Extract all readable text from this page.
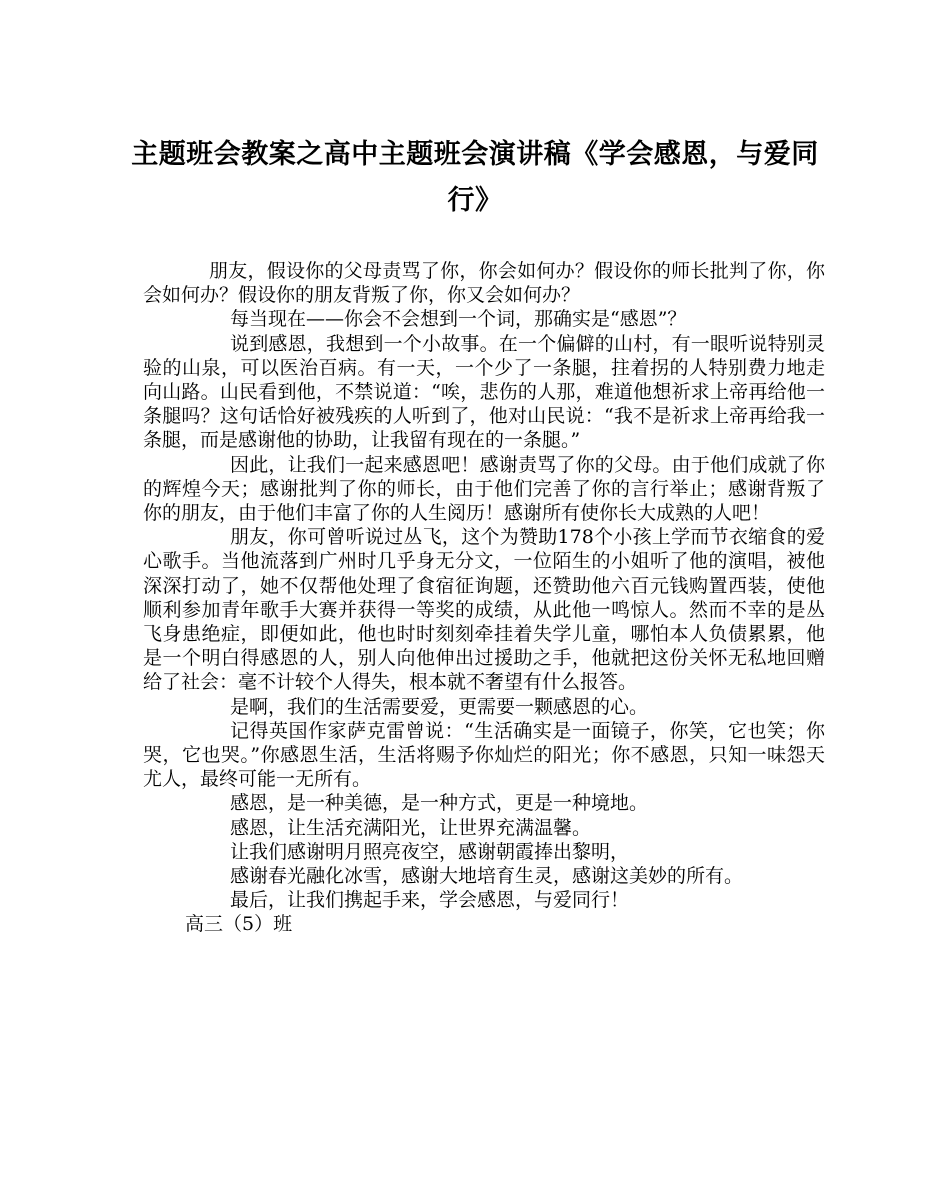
主题班会教案之高中主题班会演讲稿《学会感恩，与爱同行》

朋友，假设你的父母责骂了你，你会如何办？假设你的师长批判了你，你会如何办？假设你的朋友背叛了你，你又会如何办？

每当现在——你会不会想到一个词，那确实是“感恩”？

说到感恩，我想到一个小故事。在一个偏僻的山村，有一眼听说特别灵验的山泉，可以医治百病。有一天，一个少了一条腿，拄着拐的人特别费力地走向山路。山民看到他，不禁说道：“唉，悲伤的人那，难道他想祈求上帝再给他一条腿吗？这句话恰好被残疾的人听到了，他对山民说：“我不是祈求上帝再给我一条腿，而是感谢他的协助，让我留有现在的一条腿。”

因此，让我们一起来感恩吧！感谢责骂了你的父母。由于他们成就了你的辉煌今天；感谢批判了你的师长，由于他们完善了你的言行举止；感谢背叛了你的朋友，由于他们丰富了你的人生阅历！感谢所有使你长大成熟的人吧！

朋友，你可曾听说过丛飞，这个为赞助178个小孩上学而节衣缩食的爱心歌手。当他流落到广州时几乎身无分文，一位陌生的小姐听了他的演唱，被他深深打动了，她不仅帮他处理了食宿征询题，还赞助他六百元钱购置西装，使他顺利参加青年歌手大赛并获得一等奖的成绩，从此他一鸣惊人。然而不幸的是丛飞身患绝症，即便如此，他也时时刻刻牵挂着失学儿童，哪怕本人负债累累，他是一个明白得感恩的人，别人向他伸出过援助之手，他就把这份关怀无私地回赠给了社会：毫不计较个人得失，根本就不奢望有什么报答。

是啊，我们的生活需要爱，更需要一颗感恩的心。

记得英国作家萨克雷曾说：“生活确实是一面镜子，你笑，它也笑；你哭，它也哭。”你感恩生活，生活将赐予你灿烂的阳光；你不感恩，只知一味怨天尤人，最终可能一无所有。

感恩，是一种美德，是一种方式，更是一种境地。

感恩，让生活充满阳光，让世界充满温馨。

让我们感谢明月照亮夜空，感谢朝霞捧出黎明，

感谢春光融化冰雪，感谢大地培育生灵，感谢这美妙的所有。

最后，让我们携起手来，学会感恩，与爱同行！

高三（5）班
